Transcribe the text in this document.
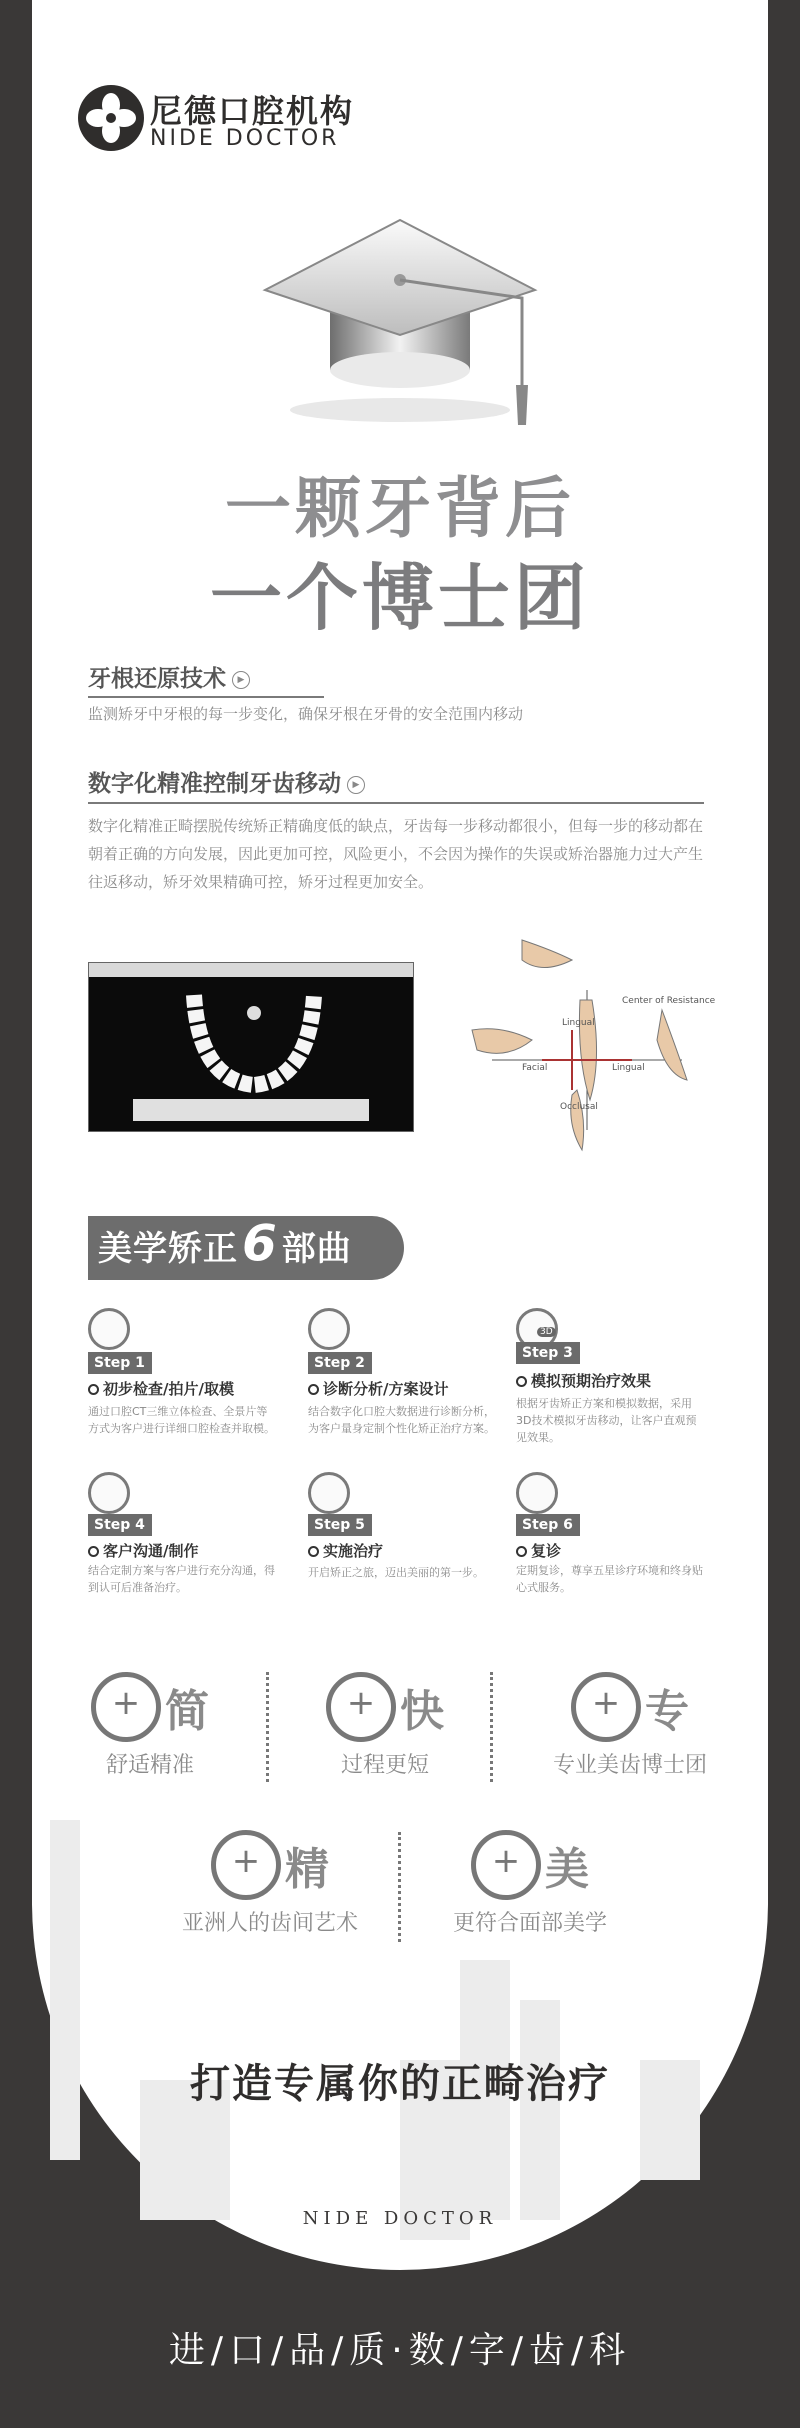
尼德口腔机构
NIDE DOCTOR
一颗牙背后
一个博士团
牙根还原技术 ▶
监测矫牙中牙根的每一步变化，确保牙根在牙骨的安全范围内移动
数字化精准控制牙齿移动 ▶
数字化精准正畸摆脱传统矫正精确度低的缺点，牙齿每一步移动都很小，但每一步的移动都在朝着正确的方向发展，因此更加可控，风险更小，不会因为操作的失误或矫治器施力过大产生往返移动，矫牙效果精确可控，矫牙过程更加安全。
Center of Resistance
Lingual
Facial	Lingual
Occlusal
美学矫正6 部曲
Step 1
初步检查/拍片/取模
通过口腔CT三维立体检查、全景片等方式为客户进行详细口腔检查并取模。
Step 2
诊断分析/方案设计
结合数字化口腔大数据进行诊断分析，为客户量身定制个性化矫正治疗方案。
3D
Step 3
模拟预期治疗效果
根据牙齿矫正方案和模拟数据，采用3D技术模拟牙齿移动，让客户直观预见效果。
Step 4
客户沟通/制作
结合定制方案与客户进行充分沟通，得到认可后准备治疗。
Step 5
实施治疗
开启矫正之旅，迈出美丽的第一步。
Step 6
复诊
定期复诊，尊享五星诊疗环境和终身贴心式服务。
+简
舒适精准
+快
过程更短
+专
专业美齿博士团
+精
亚洲人的齿间艺术
+美
更符合面部美学
打造专属你的正畸治疗
NIDE DOCTOR
进/口/品/质·数/字/齿/科
